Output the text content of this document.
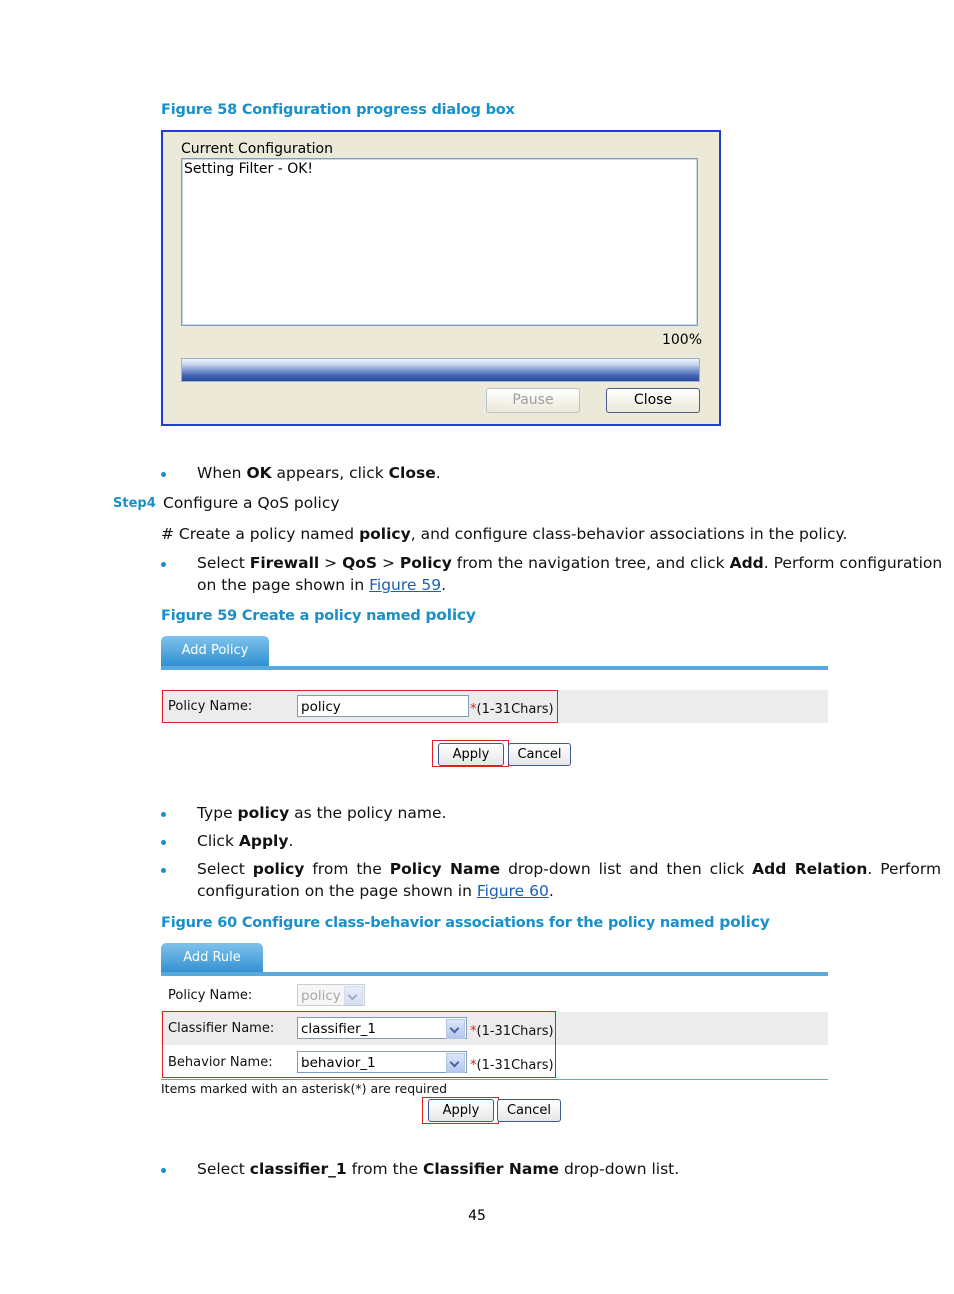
Figure 58 Configuration progress dialog box
Current Configuration
Setting Filter - OK!
100%
Pause	Close
When OK appears, click Close.
Step4 Configure a QoS policy
# Create a policy named policy, and configure class-behavior associations in the policy.
Select Firewall > QoS > Policy from the navigation tree, and click Add. Perform configuration
on the page shown in Figure 59.
Figure 59 Create a policy named policy
Add Policy
Policy Name:	policy	*(1-31Chars)
Apply	Cancel
Type policy as the policy name.
Click Apply.
Select policy from the Policy Name drop-down list and then click Add Relation. Perform
configuration on the page shown in Figure 60.
Figure 60 Configure class-behavior associations for the policy named policy
Add Rule
Policy Name:	policy
Classifier Name: classifier_1	*(1-31Chars)
Behavior Name: behavior_1	*(1-31Chars)
Items marked with an asterisk(*) are required
Apply	Cancel
Select classifier_1 from the Classifier Name drop-down list.
45
